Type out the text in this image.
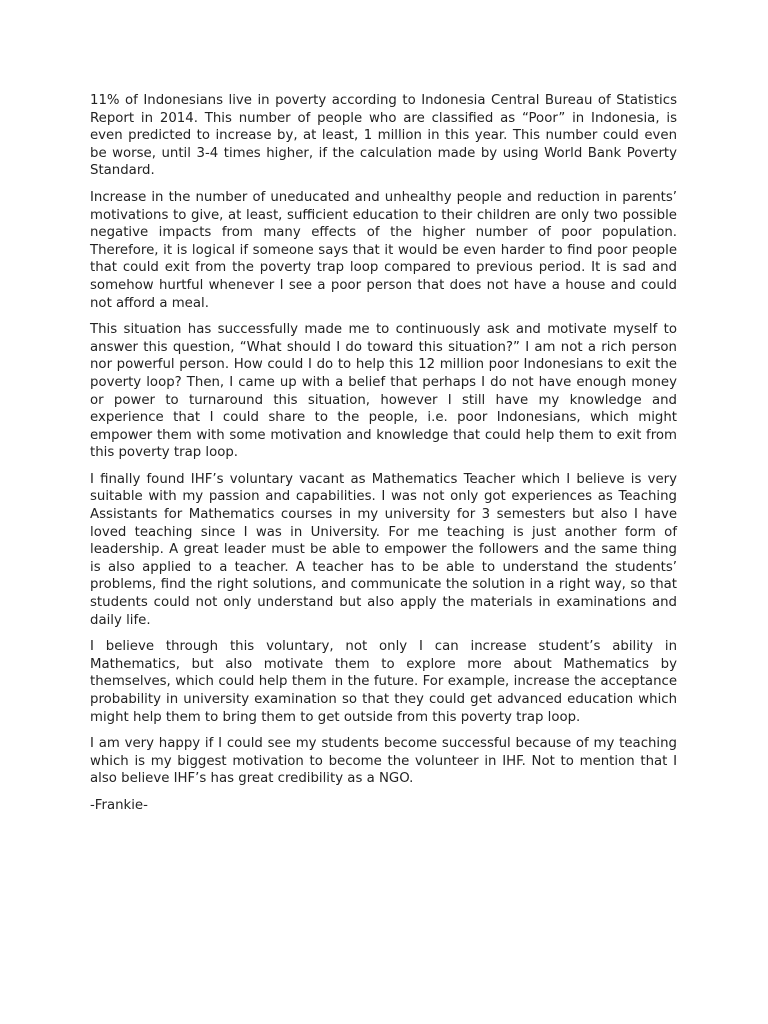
11% of Indonesians live in poverty according to Indonesia Central Bureau of Statistics Report in 2014. This number of people who are classified as “Poor” in Indonesia, is even predicted to increase by, at least, 1 million in this year. This number could even be worse, until 3-4 times higher, if the calculation made by using World Bank Poverty Standard.

Increase in the number of uneducated and unhealthy people and reduction in parents’ motivations to give, at least, sufficient education to their children are only two possible negative impacts from many effects of the higher number of poor population. Therefore, it is logical if someone says that it would be even harder to find poor people that could exit from the poverty trap loop compared to previous period. It is sad and somehow hurtful whenever I see a poor person that does not have a house and could not afford a meal.

This situation has successfully made me to continuously ask and motivate myself to answer this question, “What should I do toward this situation?” I am not a rich person nor powerful person. How could I do to help this 12 million poor Indonesians to exit the poverty loop? Then, I came up with a belief that perhaps I do not have enough money or power to turnaround this situation, however I still have my knowledge and experience that I could share to the people, i.e. poor Indonesians, which might empower them with some motivation and knowledge that could help them to exit from this poverty trap loop.

I finally found IHF’s voluntary vacant as Mathematics Teacher which I believe is very suitable with my passion and capabilities. I was not only got experiences as Teaching Assistants for Mathematics courses in my university for 3 semesters but also I have loved teaching since I was in University. For me teaching is just another form of leadership. A great leader must be able to empower the followers and the same thing is also applied to a teacher. A teacher has to be able to understand the students’ problems, find the right solutions, and communicate the solution in a right way, so that students could not only understand but also apply the materials in examinations and daily life.

I believe through this voluntary, not only I can increase student’s ability in Mathematics, but also motivate them to explore more about Mathematics by themselves, which could help them in the future. For example, increase the acceptance probability in university examination so that they could get advanced education which might help them to bring them to get outside from this poverty trap loop.

I am very happy if I could see my students become successful because of my teaching which is my biggest motivation to become the volunteer in IHF. Not to mention that I also believe IHF’s has great credibility as a NGO.

-Frankie-
